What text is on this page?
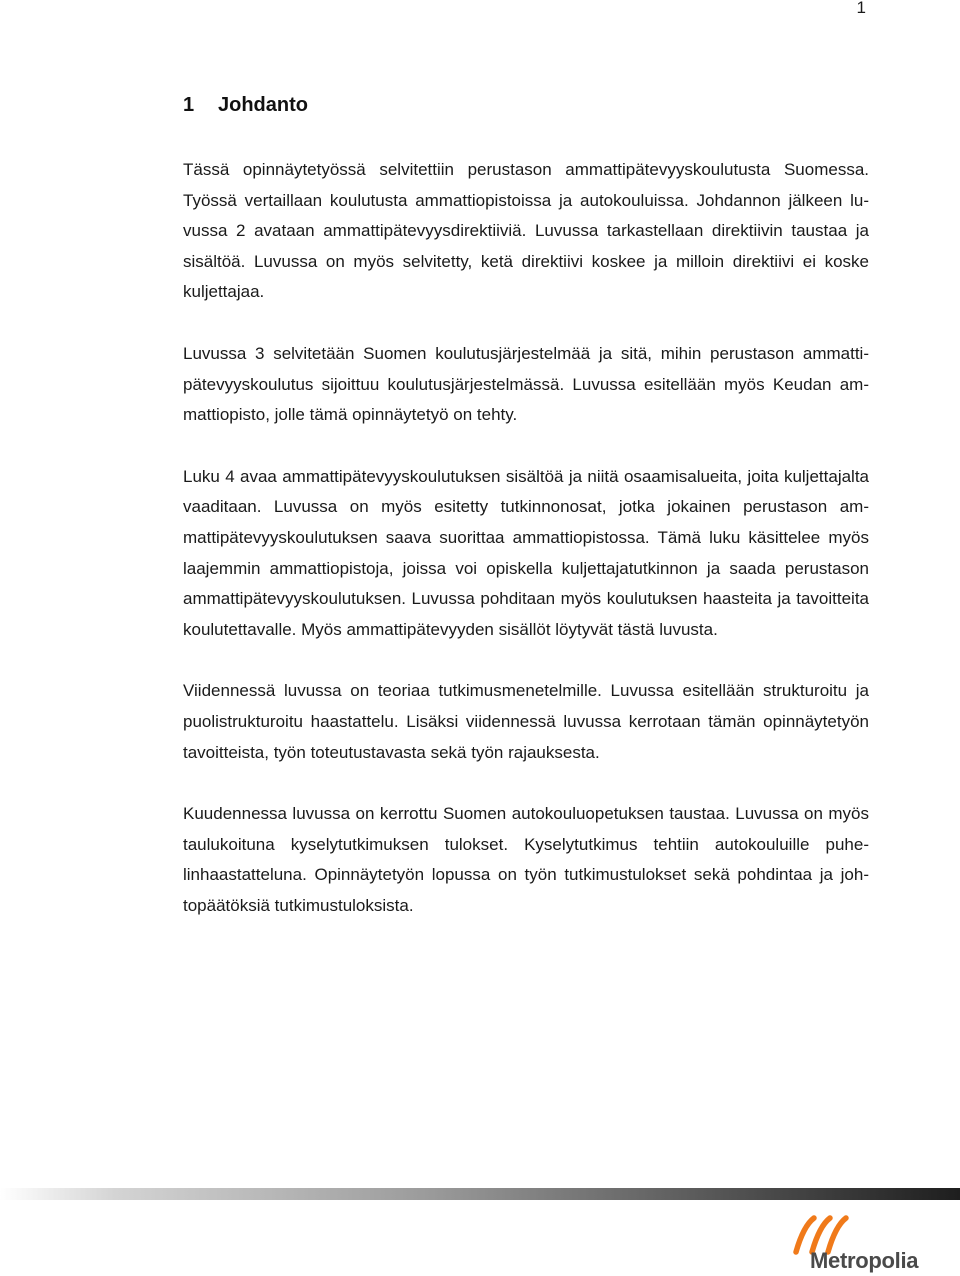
1
1 Johdanto

Tässä opinnäytetyössä selvitettiin perustason ammattipätevyyskoulutusta Suomessa. Työssä vertaillaan koulutusta ammattiopistoissa ja autokouluissa. Johdannon jälkeen luvussa 2 avataan ammattipätevyysdirektiiviä. Luvussa tarkastellaan direktiivin taustaa ja sisältöä. Luvussa on myös selvitetty, ketä direktiivi koskee ja milloin direktiivi ei koske kuljettajaa.

Luvussa 3 selvitetään Suomen koulutusjärjestelmää ja sitä, mihin perustason ammattipätevyyskoulutus sijoittuu koulutusjärjestelmässä. Luvussa esitellään myös Keudan ammattiopisto, jolle tämä opinnäytetyö on tehty.

Luku 4 avaa ammattipätevyyskoulutuksen sisältöä ja niitä osaamisalueita, joita kuljettajalta vaaditaan. Luvussa on myös esitetty tutkinnonosat, jotka jokainen perustason ammattipätevyyskoulutuksen saava suorittaa ammattiopistossa. Tämä luku käsittelee myös laajemmin ammattiopistoja, joissa voi opiskella kuljettajatutkinnon ja saada perustason ammattipätevyyskoulutuksen. Luvussa pohditaan myös koulutuksen haasteita ja tavoitteita koulutettavalle. Myös ammattipätevyyden sisällöt löytyvät tästä luvusta.

Viidennessä luvussa on teoriaa tutkimusmenetelmille. Luvussa esitellään strukturoitu ja puolistrukturoitu haastattelu. Lisäksi viidennessä luvussa kerrotaan tämän opinnäytetyön tavoitteista, työn toteutustavasta sekä työn rajauksesta.

Kuudennessa luvussa on kerrottu Suomen autokouluopetuksen taustaa. Luvussa on myös taulukoituna kyselytutkimuksen tulokset. Kyselytutkimus tehtiin autokouluille puhelinhaastatteluna. Opinnäytetyön lopussa on työn tutkimustulokset sekä pohdintaa ja johtopäätöksiä tutkimustuloksista.

Metropolia
